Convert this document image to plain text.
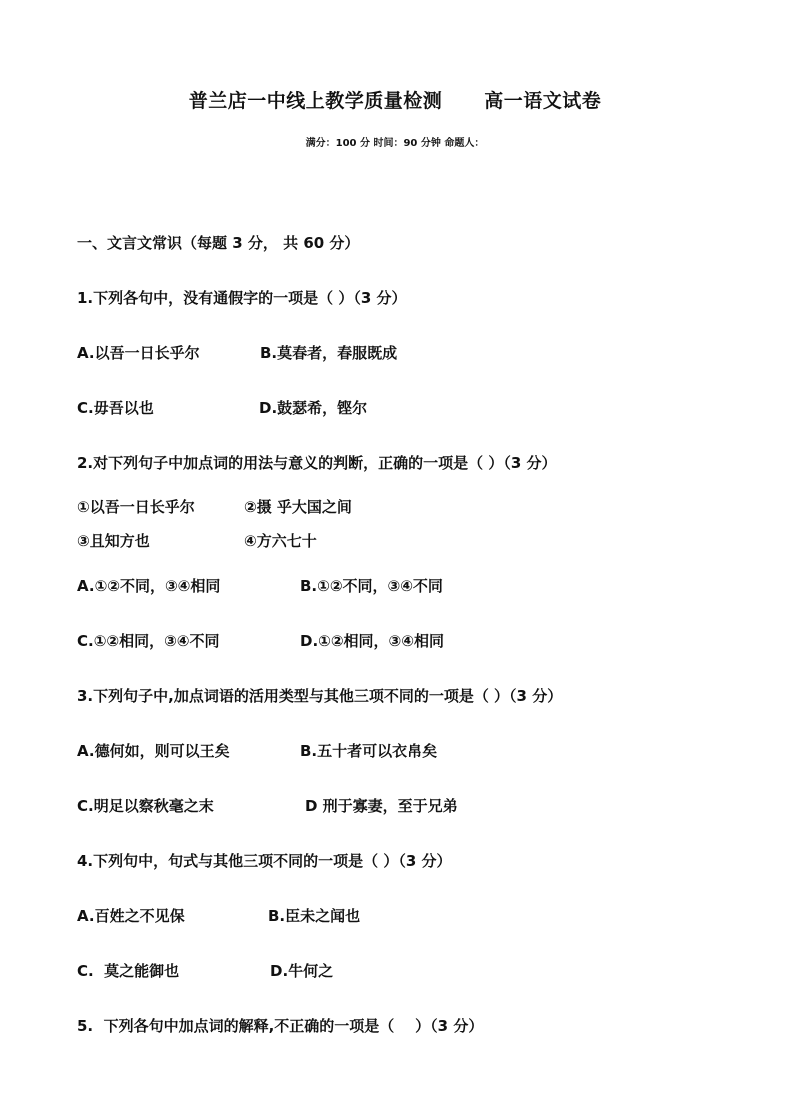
普兰店一中线上教学质量检测 高一语文试卷
满分：100 分 时间：90 分钟 命题人：
一、文言文常识（每题 3 分， 共 60 分）
1.下列各句中，没有通假字的一项是（ ）（3 分）
A.以吾一日长乎尔	B.莫春者，春服既成
C.毋吾以也	D.鼓瑟希，铿尔
2.对下列句子中加点词的用法与意义的判断，正确的一项是（ ）（3 分）
①以吾一日长乎尔	②摄 乎大国之间
③且知方也	④方六七十
A.①②不同，③④相同	B.①②不同，③④不同
C.①②相同，③④不同	D.①②相同，③④相同
3.下列句子中,加点词语的活用类型与其他三项不同的一项是（ ）（3 分）
A.德何如，则可以王矣	B.五十者可以衣帛矣
C.明足以察秋毫之末	D 刑于寡妻，至于兄弟
4.下列句中，句式与其他三项不同的一项是（ ）（3 分）
A.百姓之不见保	B.臣未之闻也
C.  莫之能御也	D.牛何之
5.  下列各句中加点词的解释,不正确的一项是（    ）（3 分）
